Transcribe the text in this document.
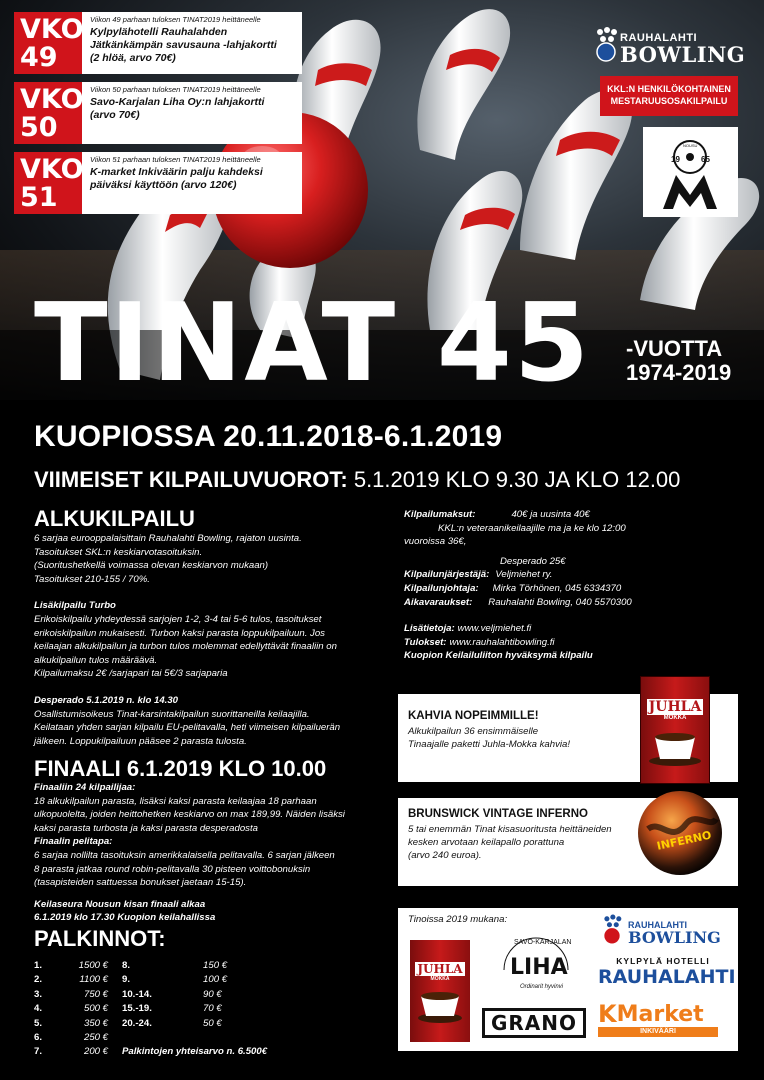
VKO
49
Viikon 49 parhaan tuloksen TINAT2019 heittäneelle
Kylpylähotelli Rauhalahden
Jätkänkämpän savusauna -lahjakortti
(2 hlöä, arvo 70€)
VKO
50
Viikon 50 parhaan tuloksen TINAT2019 heittäneelle
Savo-Karjalan Liha Oy:n lahjakortti
(arvo 70€)
VKO
51
Viikon 51 parhaan tuloksen TINAT2019 heittäneelle
K-market Inkiväärin palju kahdeksi
päiväksi käyttöön (arvo 120€)
RAUHALAHTI
BOWLING
KKL:N HENKILÖKOHTAINEN
MESTARUUSOSAKILPAILU
19	65
NOUSU
TINAT 45 -VUOTTA
1974-2019
KUOPIOSSA 20.11.2018-6.1.2019
VIIMEISET KILPAILUVUOROT: 5.1.2019 KLO 9.30 JA KLO 12.00
ALKUKILPAILU
6 sarjaa eurooppalaisittain Rauhalahti Bowling, rajaton uusinta.
Tasoitukset SKL:n keskiarvotasoituksin.
(Suoritushetkellä voimassa olevan keskiarvon mukaan)
Tasoitukset 210-155 / 70%.
Lisäkilpailu Turbo
Erikoiskilpailu yhdeydessä sarjojen 1-2, 3-4 tai 5-6 tulos, tasoitukset
erikoiskilpailun mukaisesti. Turbon kaksi parasta loppukilpailuun. Jos
keilaajan alkukilpailun ja turbon tulos molemmat edellyttävät finaaliin on
alkukilpailun tulos määräävä.
Kilpailumaksu 2€ /sarjapari tai 5€/3 sarjaparia
Desperado 5.1.2019 n. klo 14.30
Osallistumisoikeus Tinat-karsintakilpailun suorittaneilla keilaajilla.
Keilataan yhden sarjan kilpailu EU-pelitavalla, heti viimeisen kilpailuerän
jälkeen. Loppukilpailuun pääsee 2 parasta tulosta.
FINAALI 6.1.2019 KLO 10.00
Finaaliin 24 kilpailijaa:
18 alkukilpailun parasta, lisäksi kaksi parasta keilaajaa 18 parhaan
ulkopuolelta, joiden heittohetken keskiarvo on max 189,99. Näiden lisäksi
kaksi parasta turbosta ja kaksi parasta desperadosta
Finaalin pelitapa:
6 sarjaa nollilta tasoituksin amerikkalaisella pelitavalla. 6 sarjan jälkeen
8 parasta jatkaa round robin-pelitavalla 30 pisteen voittobonuksin
(tasapisteiden sattuessa bonukset jaetaan 15-15).
Keilaseura Nousun kisan finaali alkaa
6.1.2019 klo 17.30 Kuopion keilahallissa
Kilpailumaksut:	40€ ja uusinta 40€
KKL:n veteraanikeilaajille ma ja ke klo 12:00
vuoroissa 36€,
Desperado 25€
Kilpailunjärjestäjä: Veljmiehet ry.
Kilpailunjohtaja:	Mirka Törhönen, 045 6334370
Aikavaraukset:	Rauhalahti Bowling, 040 5570300
Lisätietoja: www.veljmiehet.fi
Tulokset: www.rauhalahtibowling.fi
Kuopion Keilailuliiton hyväksymä kilpailu
KAHVIA NOPEIMMILLE!
Alkukilpailun 36 ensimmäiselle
Tinaajalle paketti Juhla-Mokka kahvia!
JUHLA
MOKKA
BRUNSWICK VINTAGE INFERNO
5 tai enemmän Tinat kisasuoritusta heittäneiden
kesken arvotaan keilapallo porattuna
(arvo 240 euroa).
INFERNO
PALKINNOT:
1.	1500 €	8.	150 €
2.	1100 €	9.	100 €
3.	750 €	10.-14.	90 €
4.	500 €	15.-19.	70 €
5.	350 €	20.-24.	50 €
6.	250 €		
7.	200 €	Palkintojen yhteisarvo n. 6.500€	
Tinoissa 2019 mukana:
JUHLA
MOKKA
SAVO-KARJALAN
LIHA
Ordinarit hyvinvi
GRANO
RAUHALAHTI
BOWLING
KYLPYLÄ HOTELLI
RAUHALAHTI
K Market
INKIVÄÄRI
